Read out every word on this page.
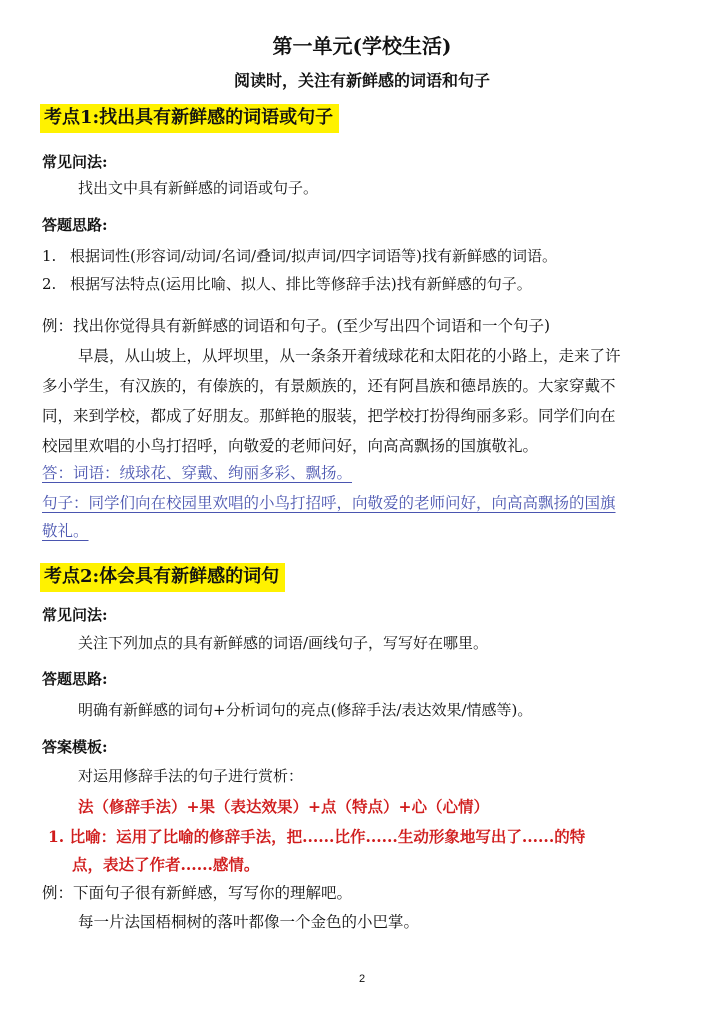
第一单元(学校生活)
阅读时，关注有新鲜感的词语和句子
考点1:找出具有新鲜感的词语或句子
常见问法:
找出文中具有新鲜感的词语或句子。
答题思路:
1. 根据词性(形容词/动词/名词/叠词/拟声词/四字词语等)找有新鲜感的词语。
2. 根据写法特点(运用比喻、拟人、排比等修辞手法)找有新鲜感的句子。
例：找出你觉得具有新鲜感的词语和句子。(至少写出四个词语和一个句子)
早晨，从山坡上，从坪坝里，从一条条开着绒球花和太阳花的小路上，走来了许
多小学生，有汉族的，有傣族的，有景颇族的，还有阿昌族和德昂族的。大家穿戴不
同，来到学校，都成了好朋友。那鲜艳的服装，把学校打扮得绚丽多彩。同学们向在
校园里欢唱的小鸟打招呼，向敬爱的老师问好，向高高飘扬的国旗敬礼。
答：词语：绒球花、穿戴、绚丽多彩、飘扬。
句子：同学们向在校园里欢唱的小鸟打招呼，向敬爱的老师问好，向高高飘扬的国旗
敬礼。
考点2:体会具有新鲜感的词句
常见问法:
关注下列加点的具有新鲜感的词语/画线句子，写写好在哪里。
答题思路:
明确有新鲜感的词句+分析词句的亮点(修辞手法/表达效果/情感等)。
答案模板:
对运用修辞手法的句子进行赏析：
法（修辞手法）+果（表达效果）+点（特点）+心（心情）
1. 比喻：运用了比喻的修辞手法，把......比作......生动形象地写出了......的特
点，表达了作者......感情。
例：下面句子很有新鲜感，写写你的理解吧。
每一片法国梧桐树的落叶都像一个金色的小巴掌。
2
